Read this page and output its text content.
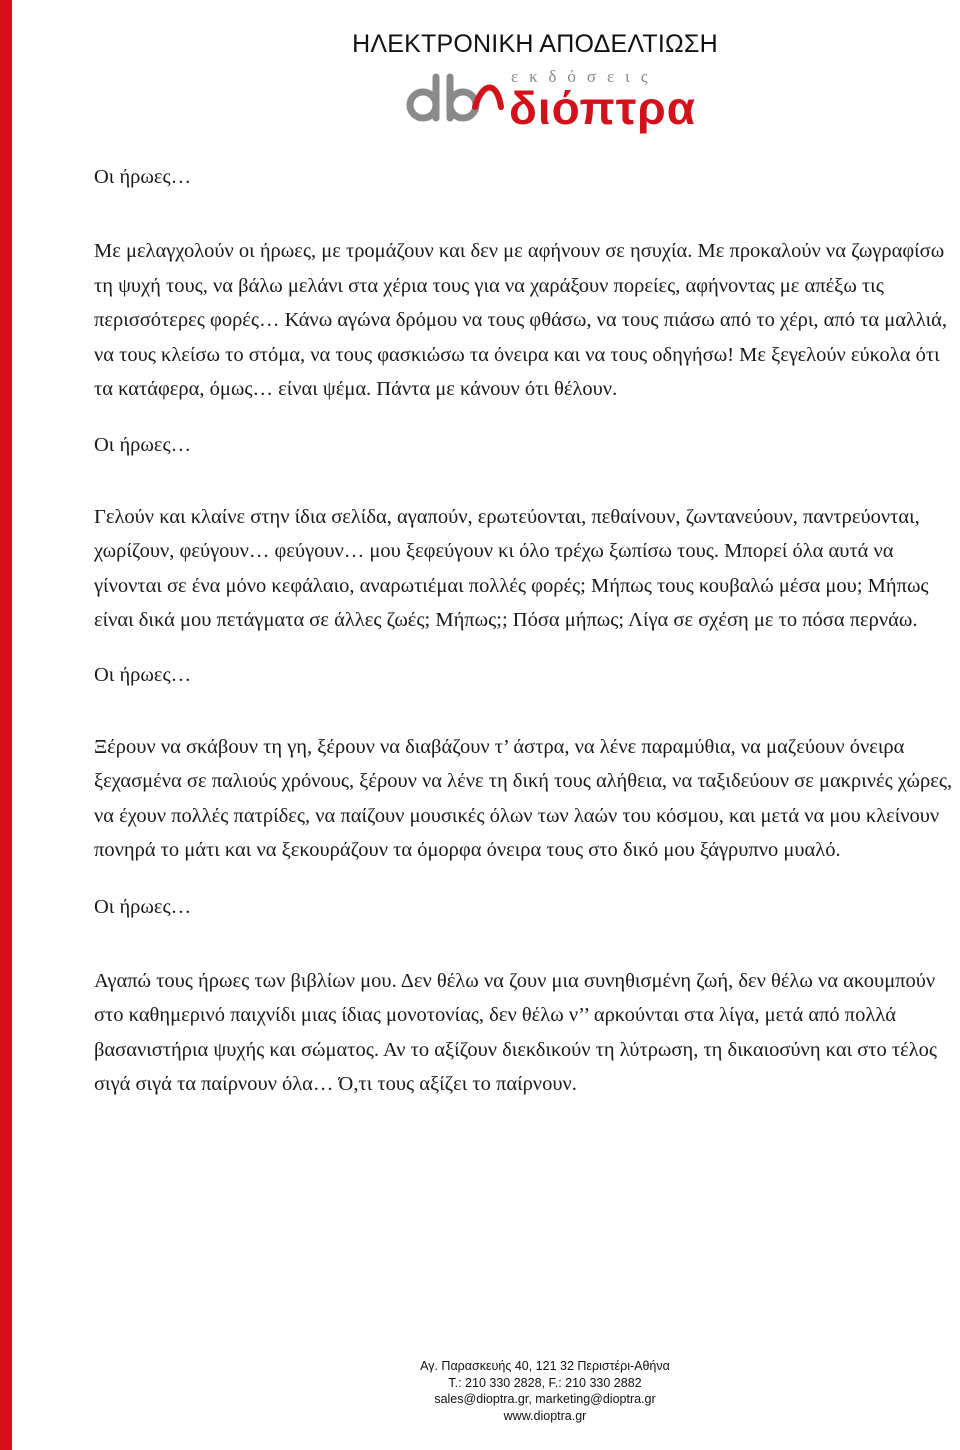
ΗΛΕΚΤΡΟΝΙΚΗ ΑΠΟΔΕΛΤΙΩΣΗ
db	εκδόσεις
διόπτρα

Οι ήρωες…

Με μελαγχολούν οι ήρωες, με τρομάζουν και δεν με αφήνουν σε ησυχία. Με προκαλούν να ζωγραφίσω τη ψυχή τους, να βάλω μελάνι στα χέρια τους για να χαράξουν πορείες, αφήνοντας με απέξω τις περισσότερες φορές… Κάνω αγώνα δρόμου να τους φθάσω, να τους πιάσω από το χέρι, από τα μαλλιά, να τους κλείσω το στόμα, να τους φασκιώσω τα όνειρα και να τους οδηγήσω! Με ξεγελούν εύκολα ότι τα κατάφερα, όμως… είναι ψέμα. Πάντα με κάνουν ότι θέλουν.

Οι ήρωες…

Γελούν και κλαίνε στην ίδια σελίδα, αγαπούν, ερωτεύονται, πεθαίνουν, ζωντανεύουν, παντρεύονται, χωρίζουν, φεύγουν… φεύγουν… μου ξεφεύγουν κι όλο τρέχω ξωπίσω τους. Μπορεί όλα αυτά να γίνονται σε ένα μόνο κεφάλαιο, αναρωτιέμαι πολλές φορές; Μήπως τους κουβαλώ μέσα μου; Μήπως είναι δικά μου πετάγματα σε άλλες ζωές; Μήπως;; Πόσα μήπως; Λίγα σε σχέση με το πόσα περνάω.

Οι ήρωες…

Ξέρουν να σκάβουν τη γη, ξέρουν να διαβάζουν τ’ άστρα, να λένε παραμύθια, να μαζεύουν όνειρα ξεχασμένα σε παλιούς χρόνους, ξέρουν να λένε τη δική τους αλήθεια, να ταξιδεύουν σε μακρινές χώρες, να έχουν πολλές πατρίδες, να παίζουν μουσικές όλων των λαών του κόσμου, και μετά να μου κλείνουν πονηρά το μάτι και να ξεκουράζουν τα όμορφα όνειρα τους στο δικό μου ξάγρυπνο μυαλό.

Οι ήρωες…

Αγαπώ τους ήρωες των βιβλίων μου. Δεν θέλω να ζουν μια συνηθισμένη ζωή, δεν θέλω να ακουμπούν στο καθημερινό παιχνίδι μιας ίδιας μονοτονίας, δεν θέλω ν’’ αρκούνται στα λίγα, μετά από πολλά βασανιστήρια ψυχής και σώματος. Αν το αξίζουν διεκδικούν τη λύτρωση, τη δικαιοσύνη και στο τέλος σιγά σιγά τα παίρνουν όλα… Ό,τι τους αξίζει το παίρνουν.

Αγ. Παρασκευής 40, 121 32 Περιστέρι-Αθήνα
Τ.: 210 330 2828, F.: 210 330 2882
sales@dioptra.gr, marketing@dioptra.gr
www.dioptra.gr
